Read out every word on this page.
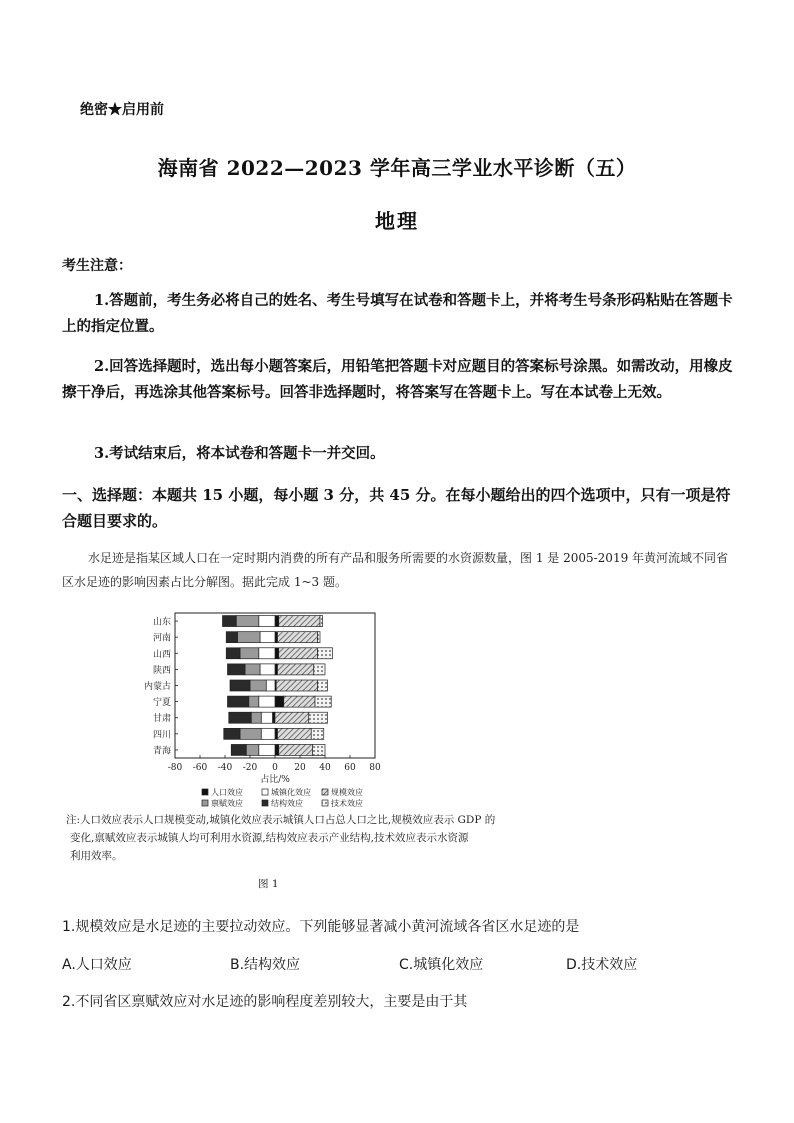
绝密★启用前
海南省 2022—2023 学年高三学业水平诊断（五）
地理
考生注意：
1.答题前，考生务必将自己的姓名、考生号填写在试卷和答题卡上，并将考生号条形码粘贴在答题卡上的指定位置。
2.回答选择题时，选出每小题答案后，用铅笔把答题卡对应题目的答案标号涂黑。如需改动，用橡皮擦干净后，再选涂其他答案标号。回答非选择题时，将答案写在答题卡上。写在本试卷上无效。
3.考试结束后，将本试卷和答题卡一并交回。
一、选择题：本题共 15 小题，每小题 3 分，共 45 分。在每小题给出的四个选项中，只有一项是符合题目要求的。
水足迹是指某区域人口在一定时期内消费的所有产品和服务所需要的水资源数量，图 1 是 2005-2019 年黄河流域不同省区水足迹的影响因素占比分解图。据此完成 1~3 题。
山东
河南
山西
陕西
内蒙古
宁夏
甘肃
四川
青海
-80 -60 -40 -20 0 20 40 60 80
占比/%
人口效应	城镇化效应	规模效应
禀赋效应	结构效应	技术效应
注:人口效应表示人口规模变动,城镇化效应表示城镇人口占总人口之比,规模效应表示 GDP 的
变化,禀赋效应表示城镇人均可利用水资源,结构效应表示产业结构,技术效应表示水资源
利用效率。
图 1
1.规模效应是水足迹的主要拉动效应。下列能够显著减小黄河流域各省区水足迹的是
A.人口效应	B.结构效应	C.城镇化效应	D.技术效应
2.不同省区禀赋效应对水足迹的影响程度差别较大，主要是由于其
